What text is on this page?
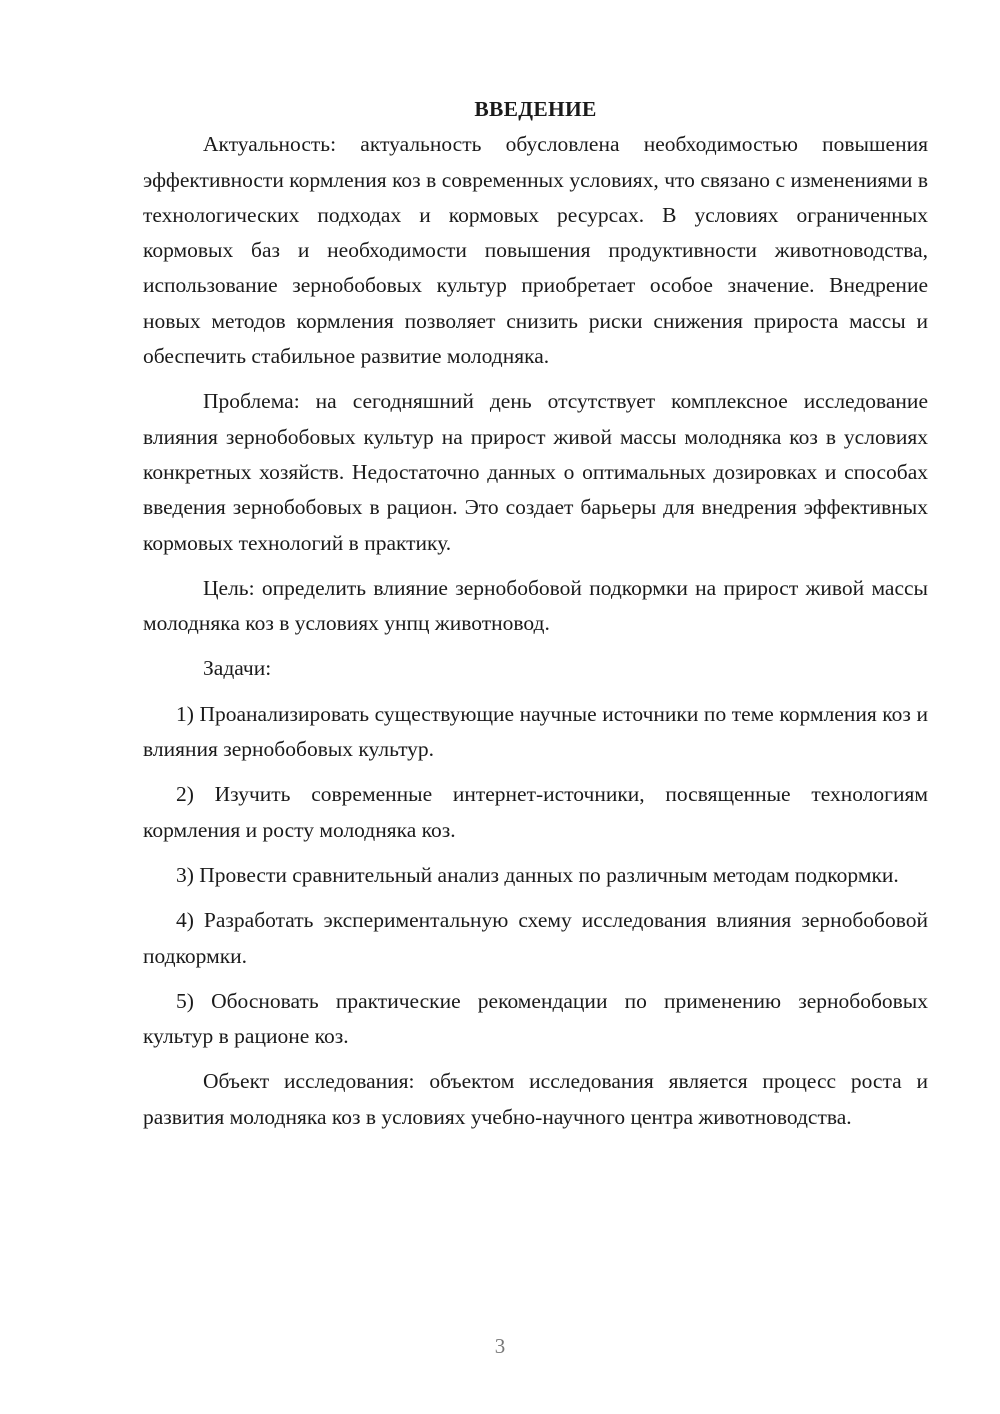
ВВЕДЕНИЕ

Актуальность: актуальность обусловлена необходимостью повышения эффективности кормления коз в современных условиях, что связано с изменениями в технологических подходах и кормовых ресурсах. В условиях ограниченных кормовых баз и необходимости повышения продуктивности животноводства, использование зернобобовых культур приобретает особое значение. Внедрение новых методов кормления позволяет снизить риски снижения прироста массы и обеспечить стабильное развитие молодняка.

Проблема: на сегодняшний день отсутствует комплексное исследование влияния зернобобовых культур на прирост живой массы молодняка коз в условиях конкретных хозяйств. Недостаточно данных о оптимальных дозировках и способах введения зернобобовых в рацион. Это создает барьеры для внедрения эффективных кормовых технологий в практику.

Цель: определить влияние зернобобовой подкормки на прирост живой массы молодняка коз в условиях унпц животновод.

Задачи:

1) Проанализировать существующие научные источники по теме кормления коз и влияния зернобобовых культур.

2) Изучить современные интернет-источники, посвященные технологиям кормления и росту молодняка коз.

3) Провести сравнительный анализ данных по различным методам подкормки.

4) Разработать экспериментальную схему исследования влияния зернобобовой подкормки.

5) Обосновать практические рекомендации по применению зернобобовых культур в рационе коз.

Объект исследования: объектом исследования является процесс роста и развития молодняка коз в условиях учебно-научного центра животноводства.

3
